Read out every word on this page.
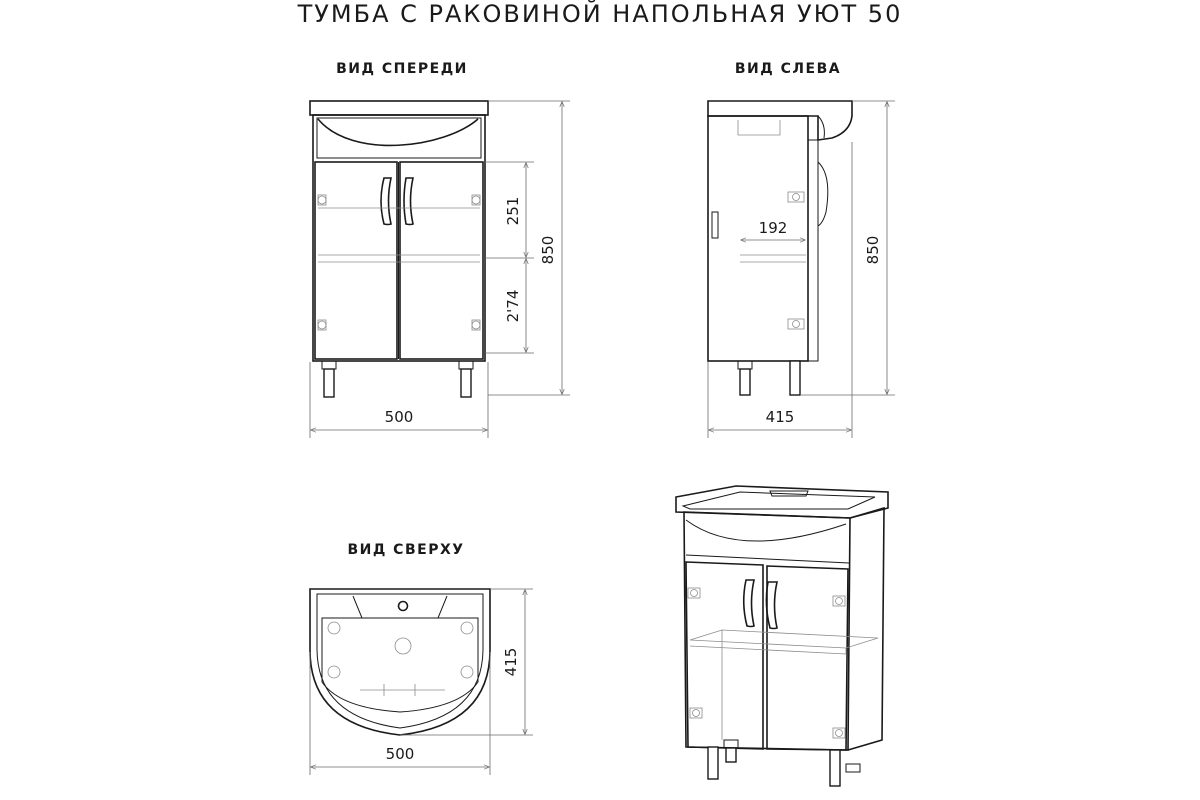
ТУМБА С РАКОВИНОЙ НАПОЛЬНАЯ УЮТ 50
ВИД СПЕРЕДИ
500
850
251
2'74
ВИД СЛЕВА
415
192
850
ВИД СВЕРХУ
500
415
